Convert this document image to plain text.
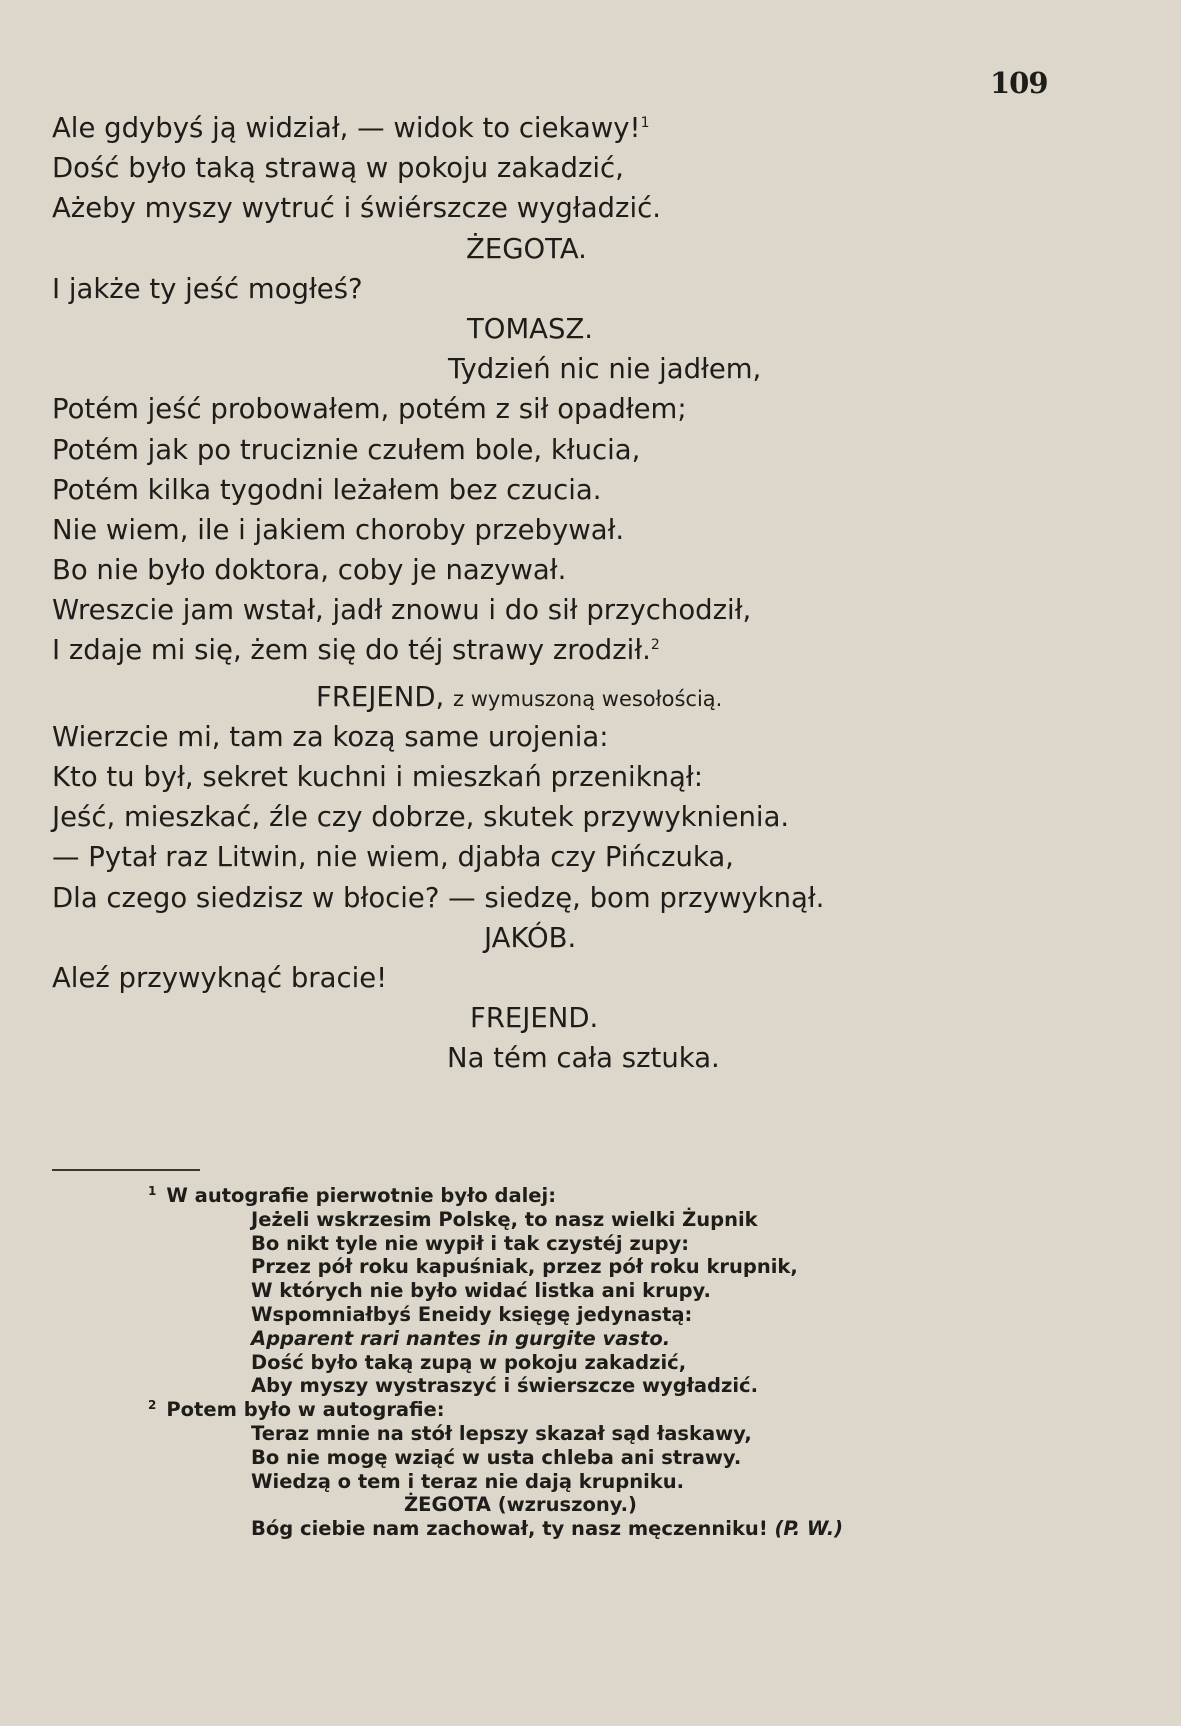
109
Ale gdybyś ją widział, — widok to ciekawy!$^1$
Dość było taką strawą w pokoju zakadzić,
Ażeby myszy wytruć i świérszcze wygładzić.
ŻEGOTA.
I jakże ty jeść mogłeś?
TOMASZ.
Tydzień nic nie jadłem,
Potém jeść probowałem, potém z sił opadłem;
Potém jak po truciznie czułem bole, kłucia,
Potém kilka tygodni leżałem bez czucia.
Nie wiem, ile i jakiem choroby przebywał.
Bo nie było doktora, coby je nazywał.
Wreszcie jam wstał, jadł znowu i do sił przychodził,
I zdaje mi się, żem się do téj strawy zrodził.$^2$
FREJEND, z wymuszoną wesołością.
Wierzcie mi, tam za kozą same urojenia:
Kto tu był, sekret kuchni i mieszkań przeniknął:
Jeść, mieszkać, źle czy dobrze, skutek przywyknienia.
— Pytał raz Litwin, nie wiem, djabła czy Pińczuka,
Dla czego siedzisz w błocie? — siedzę, bom przywyknął.
JAKÓB.
Aleź przywyknąć bracie!
FREJEND.
Na tém cała sztuka.
$^1$ W autografie pierwotnie było dalej:
Jeżeli wskrzesim Polskę, to nasz wielki Żupnik
Bo nikt tyle nie wypił i tak czystéj zupy:
Przez pół roku kapuśniak, przez pół roku krupnik,
W których nie było widać listka ani krupy.
Wspomniałbyś Eneidy księgę jedynastą:
Apparent rari nantes in gurgite vasto.
Dość było taką zupą w pokoju zakadzić,
Aby myszy wystraszyć i świerszcze wygładzić.
$^2$ Potem było w autografie:
Teraz mnie na stół lepszy skazał sąd łaskawy,
Bo nie mogę wziąć w usta chleba ani strawy.
Wiedzą o tem i teraz nie dają krupniku.
ŻEGOTA (wzruszony.)
Bóg ciebie nam zachował, ty nasz męczenniku! (P. W.)
